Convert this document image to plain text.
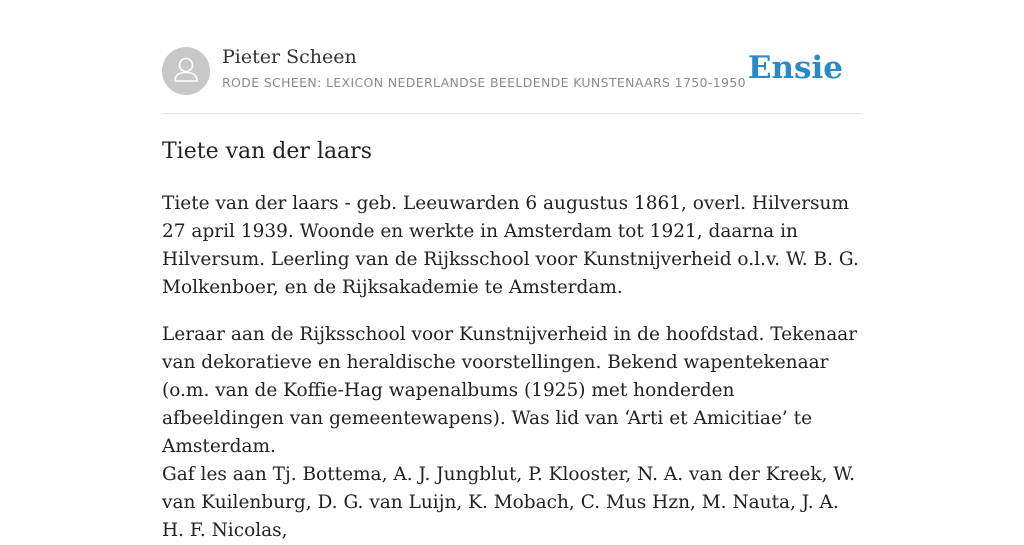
Pieter Scheen
RODE SCHEEN: LEXICON NEDERLANDSE BEELDENDE KUNSTENAARS 1750-1950 Ensie
Tiete van der laars

Tiete van der laars - geb. Leeuwarden 6 augustus 1861, overl. Hilversum 27 april 1939. Woonde en werkte in Amsterdam tot 1921, daarna in Hilversum. Leerling van de Rijksschool voor Kunstnijverheid o.l.v. W. B. G. Molkenboer, en de Rijksakademie te Amsterdam.

Leraar aan de Rijksschool voor Kunstnijverheid in de hoofdstad. Tekenaar van dekoratieve en heraldische voorstellingen. Bekend wapentekenaar (o.m. van de Koffie-Hag wapenalbums (1925) met honderden afbeeldingen van gemeentewapens). Was lid van ‘Arti et Amicitiae’ te Amsterdam.

Gaf les aan Tj. Bottema, A. J. Jungblut, P. Klooster, N. A. van der Kreek, W. van Kuilenburg, D. G. van Luijn, K. Mobach, C. Mus Hzn, M. Nauta, J. A. H. F. Nicolas,
